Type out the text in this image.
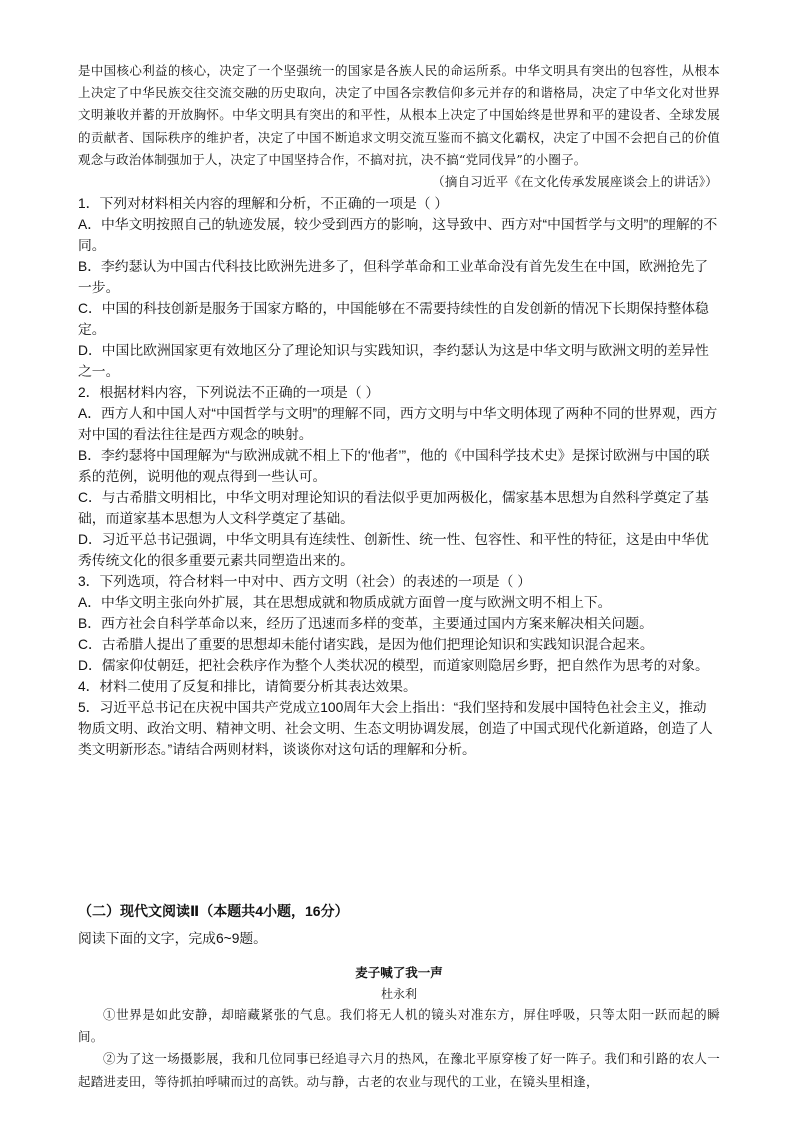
是中国核心利益的核心，决定了一个坚强统一的国家是各族人民的命运所系。中华文明具有突出的包容性，从根本上决定了中华民族交往交流交融的历史取向，决定了中国各宗教信仰多元并存的和谐格局，决定了中华文化对世界文明兼收并蓄的开放胸怀。中华文明具有突出的和平性，从根本上决定了中国始终是世界和平的建设者、全球发展的贡献者、国际秩序的维护者，决定了中国不断追求文明交流互鉴而不搞文化霸权，决定了中国不会把自己的价值观念与政治体制强加于人，决定了中国坚持合作，不搞对抗，决不搞“党同伐异”的小圈子。
（摘自习近平《在文化传承发展座谈会上的讲话》）

1．下列对材料相关内容的理解和分析，不正确的一项是（ ）

A．中华文明按照自己的轨迹发展，较少受到西方的影响，这导致中、西方对“中国哲学与文明”的理解的不同。

B．李约瑟认为中国古代科技比欧洲先进多了，但科学革命和工业革命没有首先发生在中国，欧洲抢先了一步。

C．中国的科技创新是服务于国家方略的，中国能够在不需要持续性的自发创新的情况下长期保持整体稳定。

D．中国比欧洲国家更有效地区分了理论知识与实践知识，李约瑟认为这是中华文明与欧洲文明的差异性之一。

2．根据材料内容，下列说法不正确的一项是（ ）

A．西方人和中国人对“中国哲学与文明”的理解不同，西方文明与中华文明体现了两种不同的世界观，西方对中国的看法往往是西方观念的映射。

B．李约瑟将中国理解为“与欧洲成就不相上下的‘他者’”，他的《中国科学技术史》是探讨欧洲与中国的联系的范例，说明他的观点得到一些认可。

C．与古希腊文明相比，中华文明对理论知识的看法似乎更加两极化，儒家基本思想为自然科学奠定了基础，而道家基本思想为人文科学奠定了基础。

D．习近平总书记强调，中华文明具有连续性、创新性、统一性、包容性、和平性的特征，这是由中华优秀传统文化的很多重要元素共同塑造出来的。

3．下列选项，符合材料一中对中、西方文明（社会）的表述的一项是（ ）

A．中华文明主张向外扩展，其在思想成就和物质成就方面曾一度与欧洲文明不相上下。

B．西方社会自科学革命以来，经历了迅速而多样的变革，主要通过国内方案来解决相关问题。

C．古希腊人提出了重要的思想却未能付诸实践，是因为他们把理论知识和实践知识混合起来。

D．儒家仰仗朝廷，把社会秩序作为整个人类状况的模型，而道家则隐居乡野，把自然作为思考的对象。

4．材料二使用了反复和排比，请简要分析其表达效果。

5．习近平总书记在庆祝中国共产党成立100周年大会上指出：“我们坚持和发展中国特色社会主义，推动物质文明、政治文明、精神文明、社会文明、生态文明协调发展，创造了中国式现代化新道路，创造了人类文明新形态。”请结合两则材料，谈谈你对这句话的理解和分析。

（二）现代文阅读Ⅱ（本题共4小题，16分）
阅读下面的文字，完成6~9题。
麦子喊了我一声
杜永利

①世界是如此安静，却暗藏紧张的气息。我们将无人机的镜头对准东方，屏住呼吸，只等太阳一跃而起的瞬间。

②为了这一场摄影展，我和几位同事已经追寻六月的热风，在豫北平原穿梭了好一阵子。我们和引路的农人一起踏进麦田，等待抓拍呼啸而过的高铁。动与静，古老的农业与现代的工业，在镜头里相逢，
